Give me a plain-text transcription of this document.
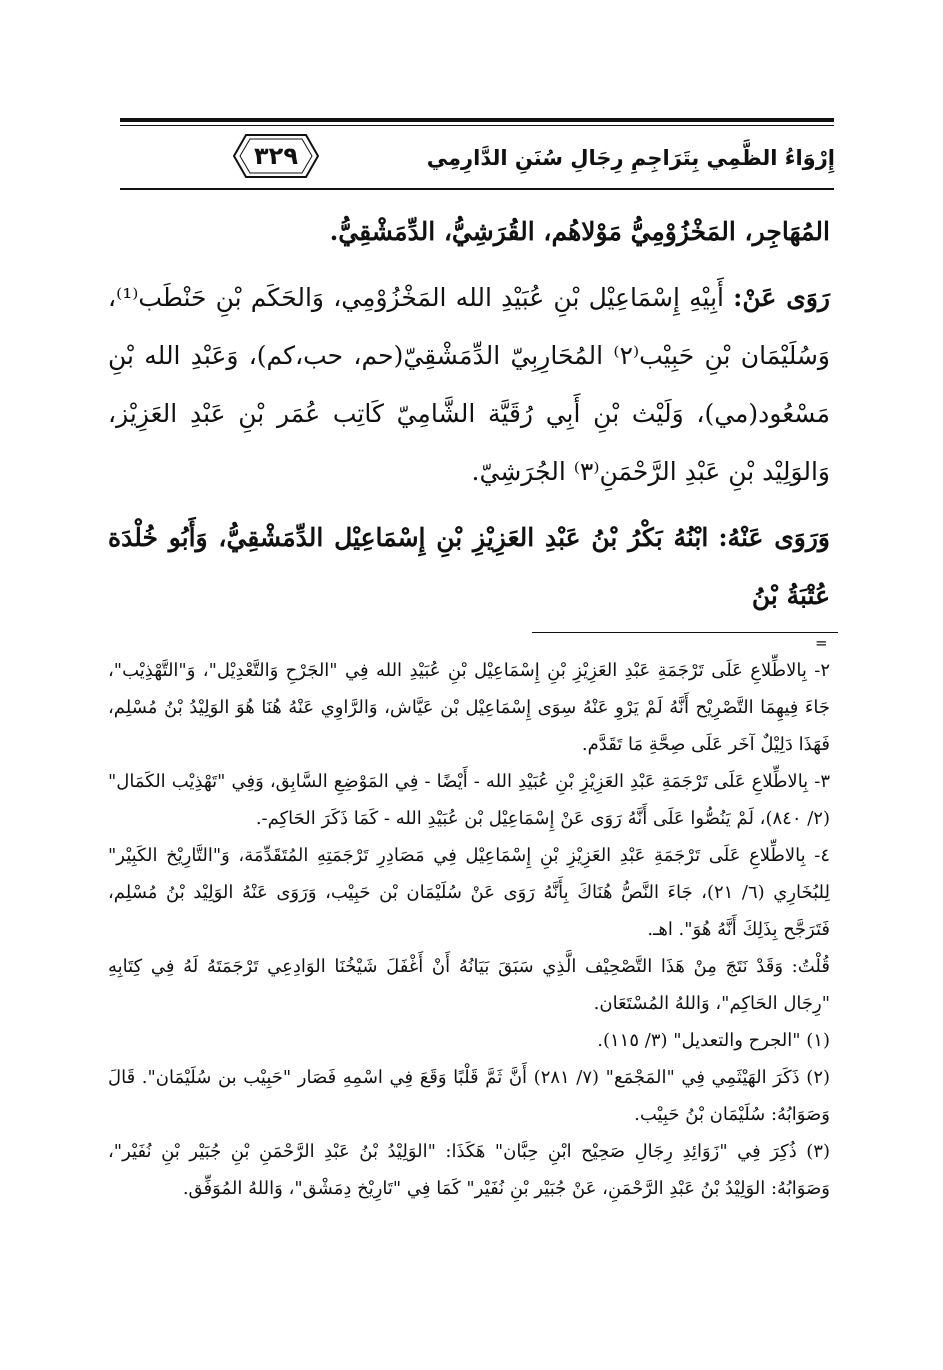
٣٢٩	إِرْوَاءُ الظَّمِي بِتَرَاجِمِ رِجَالِ سُنَنِ الدَّارِمِي

المُهَاجِر، المَخْزُوْمِيُّ مَوْلاهُم، القُرَشِيُّ، الدِّمَشْقِيُّ.

رَوَى عَنْ: أَبِيْهِ إِسْمَاعِيْل بْنِ عُبَيْدِ الله المَخْزُوْمِي، وَالحَكَم بْنِ حَنْطَب⁽¹⁾، وَسُلَيْمَان بْنِ حَبِيْب⁽٢⁾ المُحَارِبِيّ الدِّمَشْقِيّ(حم، حب،كم)، وَعَبْدِ الله بْنِ مَسْعُود(مي)، وَلَيْث بْنِ أَبِي رُقَيَّة الشَّامِيّ كَاتِب عُمَر بْنِ عَبْدِ العَزِيْز، وَالوَلِيْد بْنِ عَبْدِ الرَّحْمَنِ⁽٣⁾ الجُرَشِيّ.

وَرَوَى عَنْهُ: ابْنُهُ بَكْرُ بْنُ عَبْدِ العَزِيْزِ بْنِ إِسْمَاعِيْل الدِّمَشْقِيُّ، وَأَبُو خُلْدَة عُتْبَةُ بْنُ

=

٢- بِالاطِّلاعِ عَلَى تَرْجَمَةِ عَبْدِ العَزِيْزِ بْنِ إِسْمَاعِيْل بْنِ عُبَيْدِ الله فِي "الجَرْحِ وَالتَّعْدِيْل"، وَ"التَّهْذِيْب"، جَاءَ فِيهِمَا التَّصْرِيْح أَنَّهُ لَمْ يَرْوِ عَنْهُ سِوَى إِسْمَاعِيْل بْن عَيَّاش، وَالرَّاوِي عَنْهُ هُنَا هُوَ الوَلِيْدُ بْنُ مُسْلِم، فَهَذَا دَلِيْلٌ آخَر عَلَى صِحَّةِ مَا تَقَدَّم.

٣- بِالاطِّلاعِ عَلَى تَرْجَمَةِ عَبْدِ العَزِيْزِ بْنِ عُبَيْدِ الله - أَيْضًا - فِي المَوْضِعِ السَّابِق، وَفِي "تَهْذِيْب الكَمَال" (٢/ ٨٤٠)، لَمْ يَنُصُّوا عَلَى أَنَّهُ رَوَى عَنْ إِسْمَاعِيْل بْن عُبَيْدِ الله - كَمَا ذَكَرَ الحَاكِم-.

٤- بِالاطِّلاعِ عَلَى تَرْجَمَةِ عَبْدِ العَزِيْزِ بْنِ إِسْمَاعِيْل فِي مَصَادِرِ تَرْجَمَتِهِ المُتَقَدِّمَة، وَ"التَّارِيْخ الكَبِيْر" لِلبُخَارِي (٦/ ٢١)، جَاءَ النَّصُّ هُنَاكَ بِأَنَّهُ رَوَى عَنْ سُلَيْمَان بْن حَبِيْب، وَرَوَى عَنْهُ الوَلِيْد بْنُ مُسْلِم، فَتَرَجَّح بِذَلِكَ أَنَّهُ هُوَ". اهـ.

قُلْتُ: وَقَدْ نَتَجَ مِنْ هَذَا التَّصْحِيْف الَّذِي سَبَقَ بَيَانُهُ أَنْ أَغْفَلَ شَيْخُنَا الوَادِعِي تَرْجَمَتَهُ لَهُ فِي كِتَابِهِ "رِجَال الحَاكِم"، وَاللهُ المُسْتَعَان.

(١) "الجرح والتعديل" (٣/ ١١٥).

(٢) ذَكَرَ الهَيْثَمِي فِي "المَجْمَع" (٧/ ٢٨١) أَنَّ ثَمَّ قَلْبًا وَقَعَ فِي اسْمِهِ فَصَار "حَبِيْب بن سُلَيْمَان". قَالَ وَصَوَابُهُ: سُلَيْمَان بْنُ حَبِيْب.

(٣) ذُكِرَ فِي "زَوَائِدِ رِجَالِ صَحِيْح ابْنِ حِبَّان" هَكَذَا: "الوَلِيْدُ بْنُ عَبْدِ الرَّحْمَنِ بْنِ جُبَيْر بْنِ نُفَيْر"، وَصَوَابُهُ: الوَلِيْدُ بْنُ عَبْدِ الرَّحْمَنِ، عَنْ جُبَيْر بْنِ نُفَيْر" كَمَا فِي "تَارِيْخ دِمَشْق"، وَاللهُ المُوَفِّق.
